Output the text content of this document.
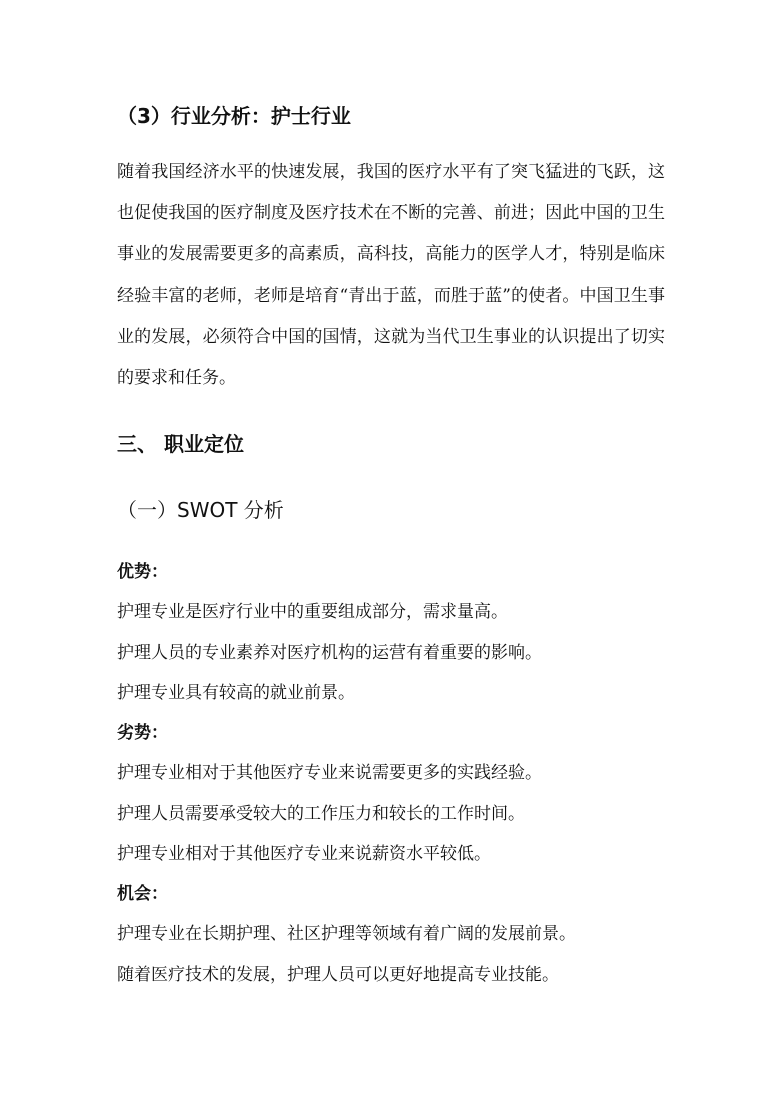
（3）行业分析：护士行业

随着我国经济水平的快速发展，我国的医疗水平有了突飞猛进的飞跃，这也促使我国的医疗制度及医疗技术在不断的完善、前进；因此中国的卫生事业的发展需要更多的高素质，高科技，高能力的医学人才，特别是临床经验丰富的老师，老师是培育“青出于蓝，而胜于蓝”的使者。中国卫生事业的发展，必须符合中国的国情，这就为当代卫生事业的认识提出了切实的要求和任务。

三、 职业定位
（一）SWOT 分析
优势：
护理专业是医疗行业中的重要组成部分，需求量高。
护理人员的专业素养对医疗机构的运营有着重要的影响。
护理专业具有较高的就业前景。
劣势：
护理专业相对于其他医疗专业来说需要更多的实践经验。
护理人员需要承受较大的工作压力和较长的工作时间。
护理专业相对于其他医疗专业来说薪资水平较低。
机会：
护理专业在长期护理、社区护理等领域有着广阔的发展前景。
随着医疗技术的发展，护理人员可以更好地提高专业技能。
